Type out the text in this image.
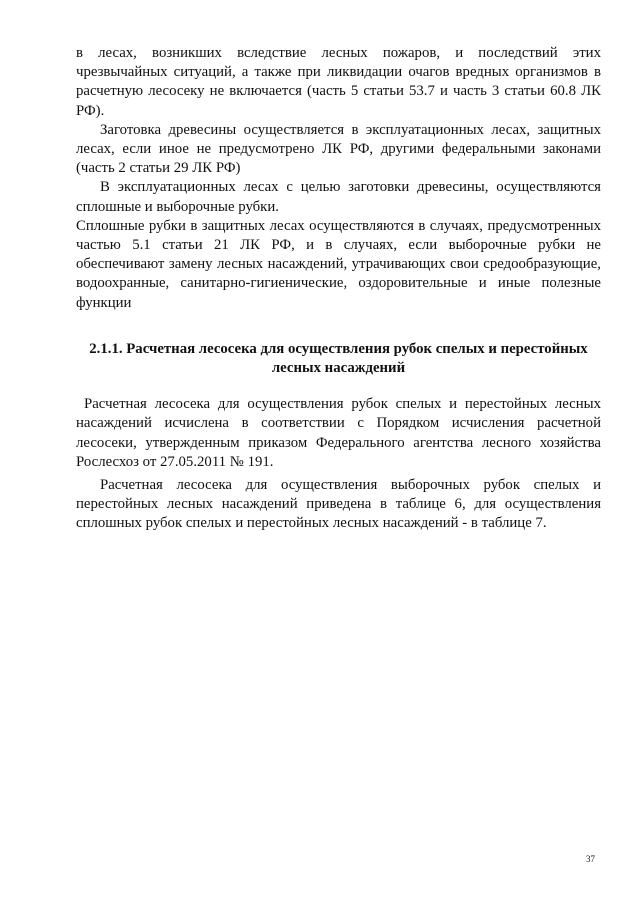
в лесах, возникших вследствие лесных пожаров, и последствий этих чрезвычайных ситуаций, а также при ликвидации очагов вредных организмов в расчетную лесосеку не включается (часть 5 статьи 53.7 и часть 3 статьи 60.8 ЛК РФ).

Заготовка древесины осуществляется в эксплуатационных лесах, защитных лесах, если иное не предусмотрено ЛК РФ, другими федеральными законами (часть 2 статьи 29 ЛК РФ)

В эксплуатационных лесах с целью заготовки древесины, осуществляются сплошные и выборочные рубки.

Сплошные рубки в защитных лесах осуществляются в случаях, предусмотренных частью 5.1 статьи 21 ЛК РФ, и в случаях, если выборочные рубки не обеспечивают замену лесных насаждений, утрачивающих свои средообразующие, водоохранные, санитарно-гигиенические, оздоровительные и иные полезные функции

2.1.1. Расчетная лесосека для осуществления рубок спелых и перестойных
лесных насаждений

Расчетная лесосека для осуществления рубок спелых и перестойных лесных насаждений исчислена в соответствии с Порядком исчисления расчетной лесосеки, утвержденным приказом Федерального агентства лесного хозяйства Рослесхоз от 27.05.2011 № 191.

Расчетная лесосека для осуществления выборочных рубок спелых и перестойных лесных насаждений приведена в таблице 6, для осуществления сплошных рубок спелых и перестойных лесных насаждений - в таблице 7.

37
